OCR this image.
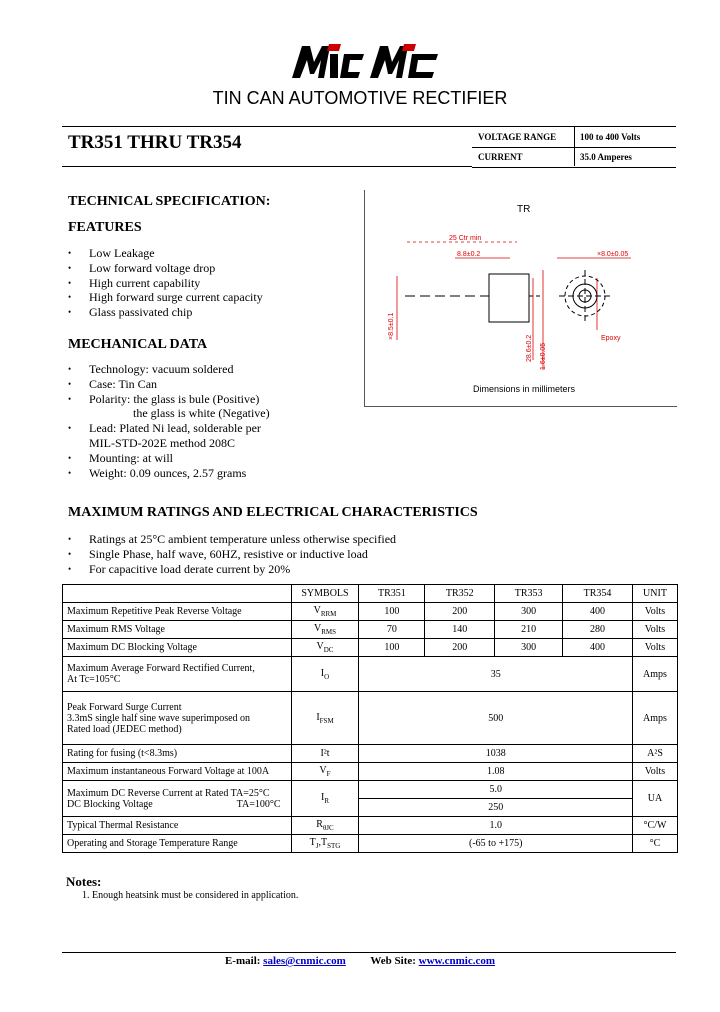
TIN CAN AUTOMOTIVE RECTIFIER
TR351 THRU TR354	VOLTAGE RANGE	100 to 400 Volts
CURRENT	35.0 Amperes
TECHNICAL SPECIFICATION:
FEATURES
• Low Leakage
• Low forward voltage drop
• High current capability
• High forward surge current capacity
• Glass passivated chip
MECHANICAL DATA
• Technology: vacuum soldered
• Case: Tin Can
• Polarity: the glass is bule (Positive)
the glass is white (Negative)
• Lead: Plated Ni lead, solderable per
MIL-STD-202E method 208C
• Mounting: at will
• Weight: 0.09 ounces, 2.57 grams
TR
25 Ctr min
8.8±0.2	×8.0±0.05
×8.5±0.1
28.6±0.2 1.6±0.05
Epoxy
Dimensions in millimeters
MAXIMUM RATINGS AND ELECTRICAL CHARACTERISTICS
• Ratings at 25°C ambient temperature unless otherwise specified
• Single Phase, half wave, 60HZ, resistive or inductive load
• For capacitive load derate current by 20%
	SYMBOLS	TR351	TR352	TR353	TR354	UNIT
Maximum Repetitive Peak Reverse Voltage	$V_{RRM}$	100	200	300	400	Volts
Maximum RMS Voltage	$V_{RMS}$	70	140	210	280	Volts
Maximum DC Blocking Voltage	$V_{DC}$	100	200	300	400	Volts

Maximum Average Forward Rectified Current,
At Tc=105°C	$I_O$	35				Amps

Peak Forward Surge Current
3.3mS single half sine wave superimposed on
Rated load (JEDEC method)	$I_{FSM}$	500				Amps
Rating for fusing (t<8.3ms)	I²t	1038				A²S
Maximum instantaneous Forward Voltage at 100A	$V_F$	1.08				Volts

Maximum DC Reverse Current at Rated TA=25°C
DC Blocking Voltage TA=100°C	$I_R$	5.0				UA
		250				
Typical Thermal Resistance	$R_{\theta JC}$	1.0				°C/W
Operating and Storage Temperature Range	$T_J,T_{STG}$	(-65 to +175)				°C
Notes:
1. Enough heatsink must be considered in application.
E-mail: sales@cnmic.com Web Site: www.cnmic.com
